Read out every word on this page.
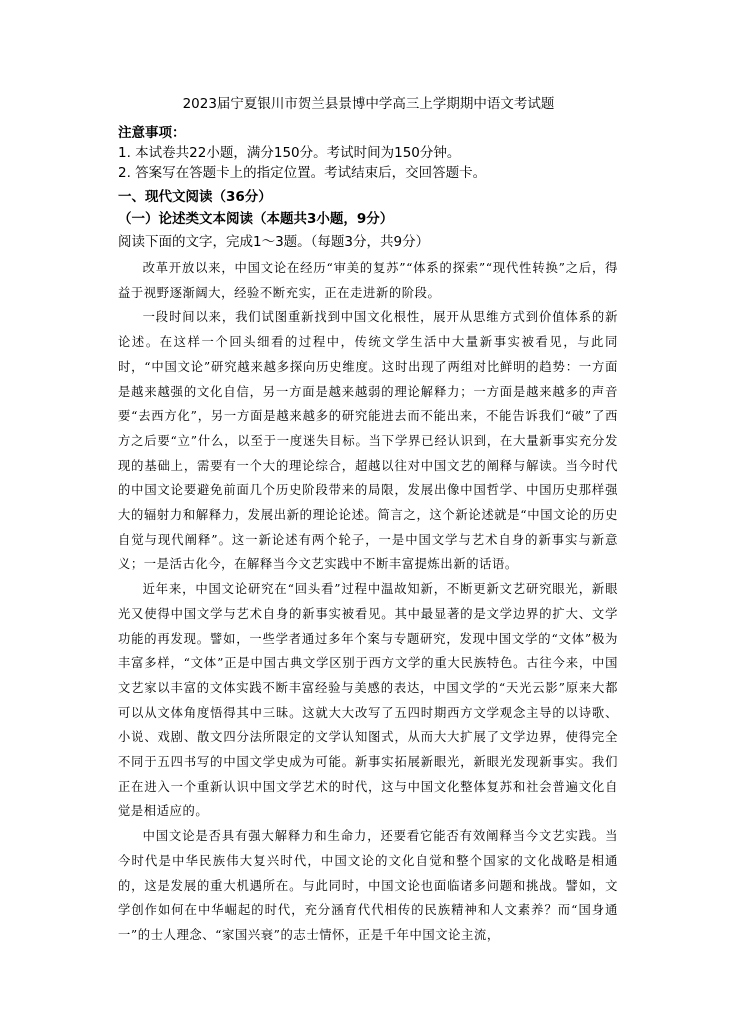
2023届宁夏银川市贺兰县景博中学高三上学期期中语文考试题
注意事项：
1. 本试卷共22小题，满分150分。考试时间为150分钟。
2. 答案写在答题卡上的指定位置。考试结束后，交回答题卡。
一、现代文阅读（36分）
（一）论述类文本阅读（本题共3小题，9分）
阅读下面的文字，完成1～3题。（每题3分，共9分）

改革开放以来，中国文论在经历“审美的复苏”“体系的探索”“现代性转换”之后，得益于视野逐渐阔大，经验不断充实，正在走进新的阶段。

一段时间以来，我们试图重新找到中国文化根性，展开从思维方式到价值体系的新论述。在这样一个回头细看的过程中，传统文学生活中大量新事实被看见，与此同时，“中国文论”研究越来越多探向历史维度。这时出现了两组对比鲜明的趋势：一方面是越来越强的文化自信，另一方面是越来越弱的理论解释力；一方面是越来越多的声音要“去西方化”，另一方面是越来越多的研究能进去而不能出来，不能告诉我们“破”了西方之后要“立”什么，以至于一度迷失目标。当下学界已经认识到，在大量新事实充分发现的基础上，需要有一个大的理论综合，超越以往对中国文艺的阐释与解读。当今时代的中国文论要避免前面几个历史阶段带来的局限，发展出像中国哲学、中国历史那样强大的辐射力和解释力，发展出新的理论论述。简言之，这个新论述就是“中国文论的历史自觉与现代阐释”。这一新论述有两个轮子，一是中国文学与艺术自身的新事实与新意义；一是活古化今，在解释当今文艺实践中不断丰富提炼出新的话语。

近年来，中国文论研究在“回头看”过程中温故知新，不断更新文艺研究眼光，新眼光又使得中国文学与艺术自身的新事实被看见。其中最显著的是文学边界的扩大、文学功能的再发现。譬如，一些学者通过多年个案与专题研究，发现中国文学的“文体”极为丰富多样，“文体”正是中国古典文学区别于西方文学的重大民族特色。古往今来，中国文艺家以丰富的文体实践不断丰富经验与美感的表达，中国文学的“天光云影”原来大都可以从文体角度悟得其中三昧。这就大大改写了五四时期西方文学观念主导的以诗歌、小说、戏剧、散文四分法所限定的文学认知图式，从而大大扩展了文学边界，使得完全不同于五四书写的中国文学史成为可能。新事实拓展新眼光，新眼光发现新事实。我们正在进入一个重新认识中国文学艺术的时代，这与中国文化整体复苏和社会普遍文化自觉是相适应的。

中国文论是否具有强大解释力和生命力，还要看它能否有效阐释当今文艺实践。当今时代是中华民族伟大复兴时代，中国文论的文化自觉和整个国家的文化战略是相通的，这是发展的重大机遇所在。与此同时，中国文论也面临诸多问题和挑战。譬如，文学创作如何在中华崛起的时代，充分涵育代代相传的民族精神和人文素养？而“国身通一”的士人理念、“家国兴衰”的志士情怀，正是千年中国文论主流，
